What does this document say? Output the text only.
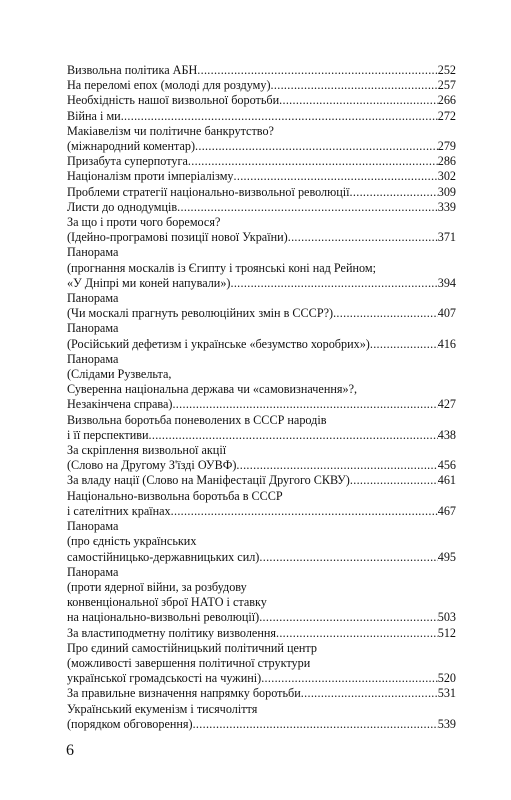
Визвольна політика АБН .....	252
На переломі епох (молоді для роздуму) .....	257
Необхідність нашої визвольної боротьби .....	266
Війна і ми .....	272
Макіавелізм чи політичне банкрутство?
(міжнародний коментар) .....	279
Призабута суперпотуга .....	286
Націоналізм проти імперіалізму .....	302
Проблеми стратегії національно-визвольної революції .....	309
Листи до однодумців .....	339
За що і проти чого боремося?
(Ідейно-програмові позиції нової України) .....	371
Панорама
(прогнання москалів із Єгипту і троянські коні над Рейном;
«У Дніпрі ми коней напували») .....	394
Панорама
(Чи москалі прагнуть революційних змін в СССР?) .....	407
Панорама
(Російський дефетизм і українське «безумство хоробрих») .....	416
Панорама
(Слідами Рузвельта,
Суверенна національна держава чи «самовизначення»?,
Незакінчена справа) .....	427
Визвольна боротьба поневолених в СССР народів
і її перспективи .....	438
За скріплення визвольної акції
(Слово на Другому З'їзді ОУВФ) .....	456
За владу нації (Слово на Маніфестації Другого СКВУ) .....	461
Національно-визвольна боротьба в СССР
і сателітних країнах .....	467
Панорама
(про єдність українських
самостійницько-державницьких сил) .....	495
Панорама
(проти ядерної війни, за розбудову
конвенціональної зброї НАТО і ставку
на національно-визвольні революції) .....	503
За властиподметну політику визволення .....	512
Про єдиний самостійницький політичний центр
(можливості завершення політичної структури
української громадськості на чужині) .....	520
За правильне визначення напрямку боротьби .....	531
Український екуменізм і тисячоліття
(порядком обговорення) .....	539
6
